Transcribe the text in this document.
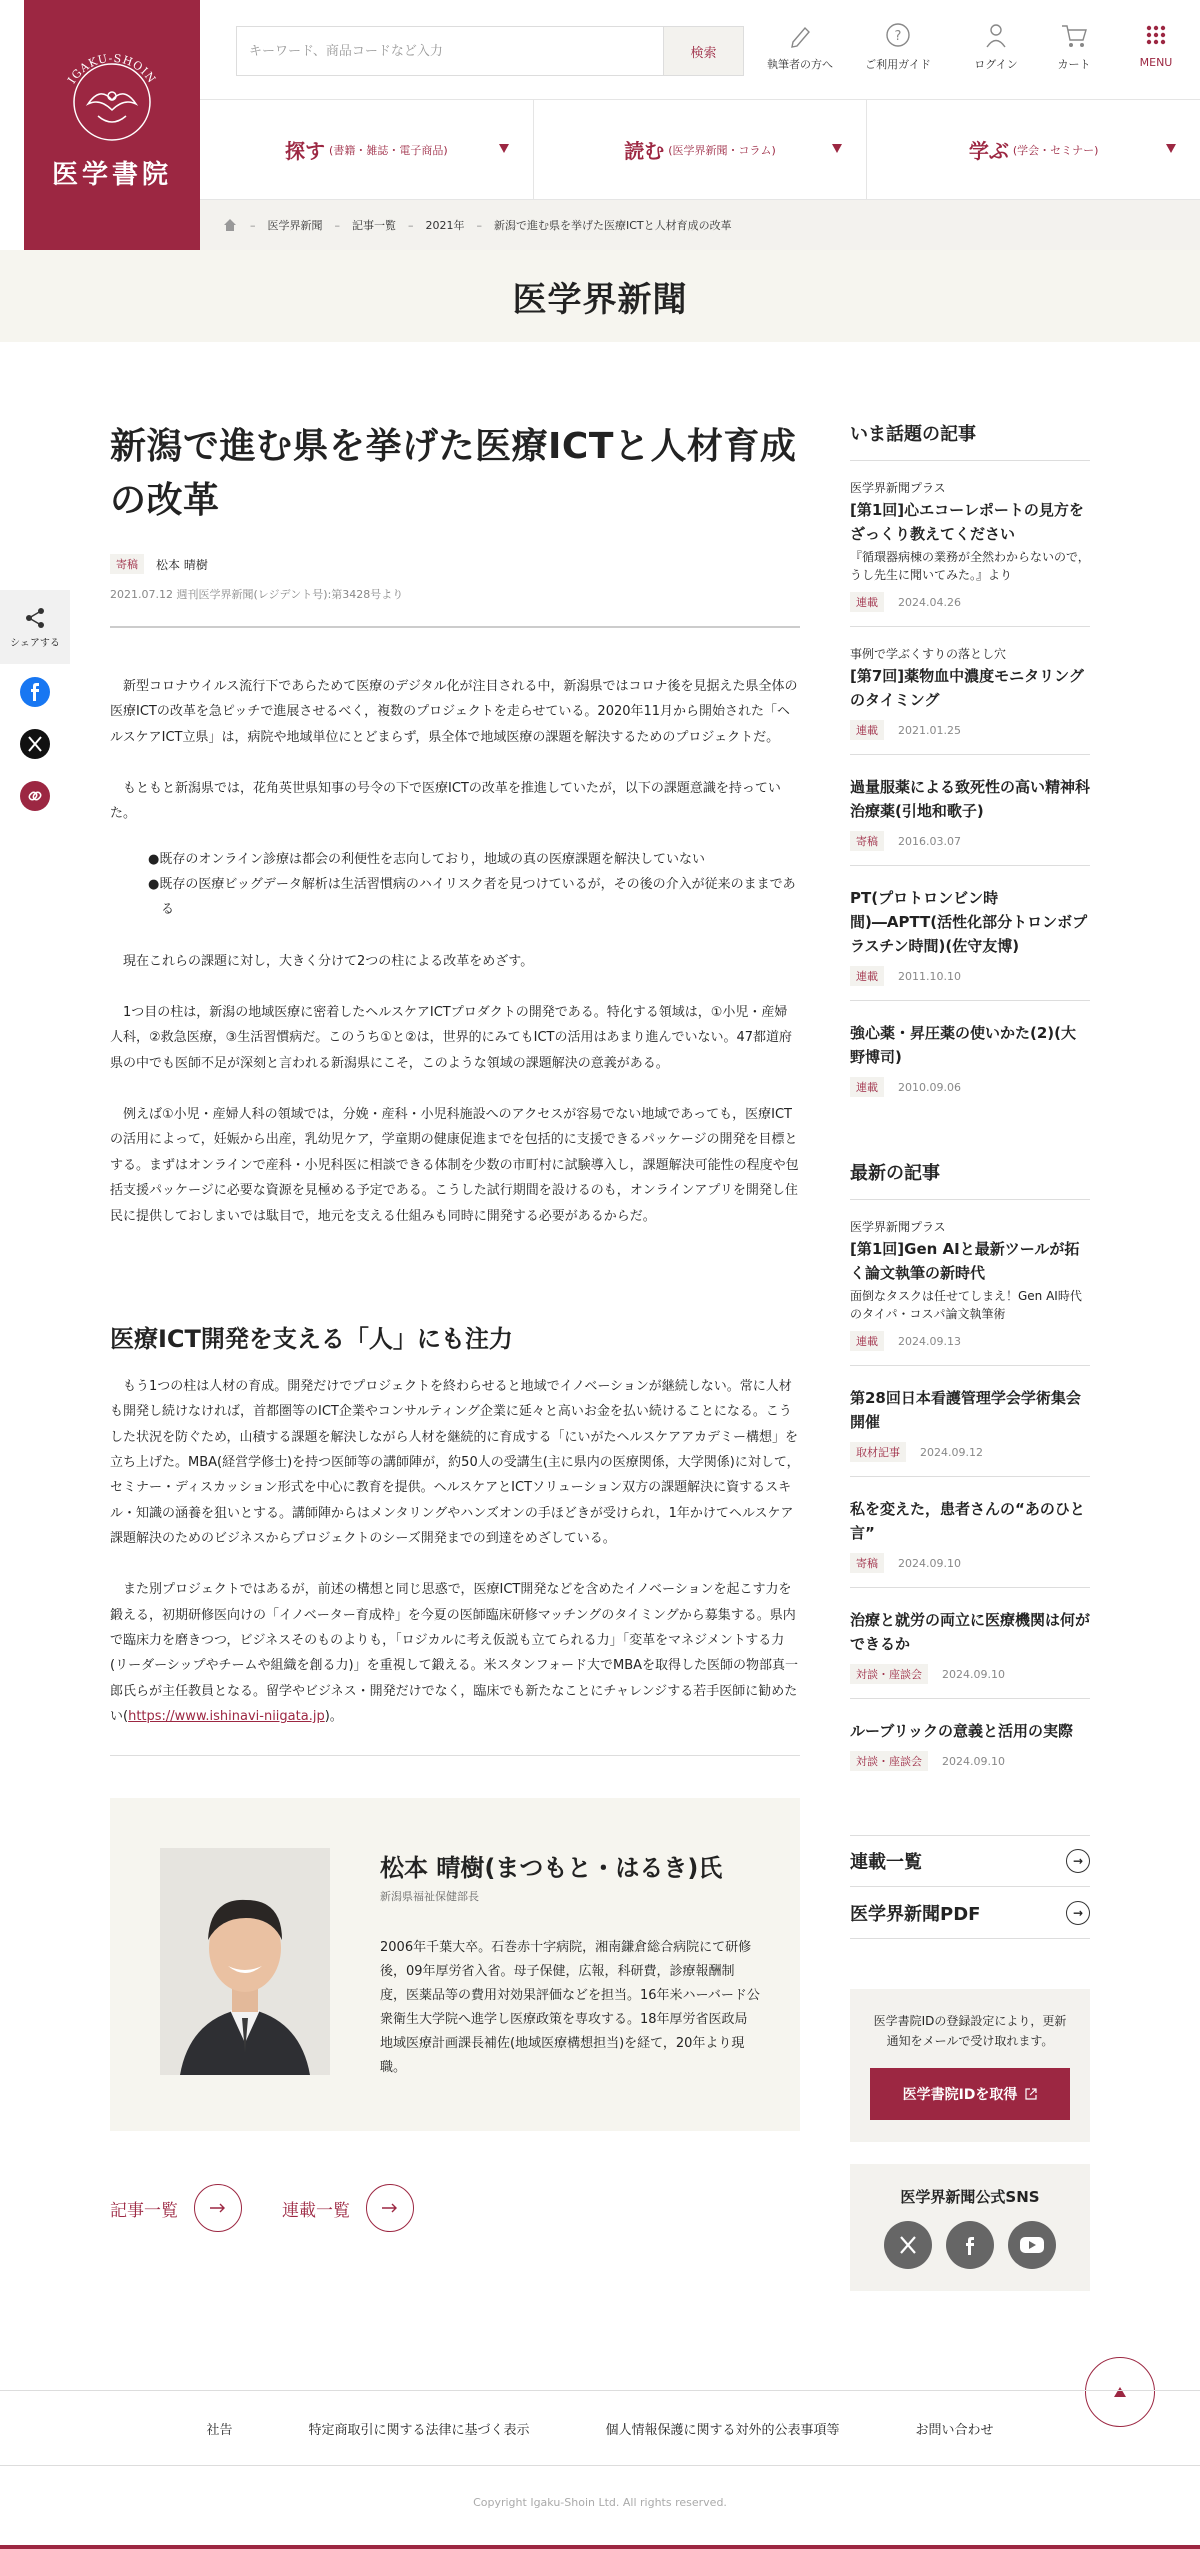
IGAKU-SHOIN
医学書院
キーワード、商品コードなど入力
検索
執筆者の方へ
?
ご利用ガイド	ログイン	カート	MENU
探す (書籍・雑誌・電子商品)	読む (医学界新聞・コラム)	学ぶ (学会・セミナー)
– 医学界新聞 – 記事一覧 – 2021年 – 新潟で進む県を挙げた医療ICTと人材育成の改革
医学界新聞
シェアする
新潟で進む県を挙げた医療ICTと人材育成の改革
寄稿	松本 晴樹
2021.07.12 週刊医学界新聞(レジデント号):第3428号より

新型コロナウイルス流行下であらためて医療のデジタル化が注目される中，新潟県ではコロナ後を見据えた県全体の医療ICTの改革を急ピッチで進展させるべく，複数のプロジェクトを走らせている。2020年11月から開始された「ヘルスケアICT立県」は，病院や地域単位にとどまらず，県全体で地域医療の課題を解決するためのプロジェクトだ。

もともと新潟県では，花角英世県知事の号令の下で医療ICTの改革を推進していたが，以下の課題意識を持っていた。

● 既存のオンライン診療は都会の利便性を志向しており，地域の真の医療課題を解決していない
● 既存の医療ビッグデータ解析は生活習慣病のハイリスク者を見つけているが，その後の介入が従来のままである

現在これらの課題に対し，大きく分けて2つの柱による改革をめざす。

1つ目の柱は，新潟の地域医療に密着したヘルスケアICTプロダクトの開発である。特化する領域は，①小児・産婦人科，②救急医療，③生活習慣病だ。このうち①と②は，世界的にみてもICTの活用はあまり進んでいない。47都道府県の中でも医師不足が深刻と言われる新潟県にこそ，このような領域の課題解決の意義がある。

例えば①小児・産婦人科の領域では，分娩・産科・小児科施設へのアクセスが容易でない地域であっても，医療ICTの活用によって，妊娠から出産，乳幼児ケア，学童期の健康促進までを包括的に支援できるパッケージの開発を目標とする。まずはオンラインで産科・小児科医に相談できる体制を少数の市町村に試験導入し，課題解決可能性の程度や包括支援パッケージに必要な資源を見極める予定である。こうした試行期間を設けるのも，オンラインアプリを開発し住民に提供しておしまいでは駄目で，地元を支える仕組みも同時に開発する必要があるからだ。

医療ICT開発を支える「人」にも注力

もう1つの柱は人材の育成。開発だけでプロジェクトを終わらせると地域でイノベーションが継続しない。常に人材も開発し続けなければ，首都圏等のICT企業やコンサルティング企業に延々と高いお金を払い続けることになる。こうした状況を防ぐため，山積する課題を解決しながら人材を継続的に育成する「にいがたヘルスケアアカデミー構想」を立ち上げた。MBA(経営学修士)を持つ医師等の講師陣が，約50人の受講生(主に県内の医療関係，大学関係)に対して，セミナー・ディスカッション形式を中心に教育を提供。ヘルスケアとICTソリューション双方の課題解決に資するスキル・知識の涵養を狙いとする。講師陣からはメンタリングやハンズオンの手ほどきが受けられ，1年かけてヘルスケア課題解決のためのビジネスからプロジェクトのシーズ開発までの到達をめざしている。

また別プロジェクトではあるが，前述の構想と同じ思惑で，医療ICT開発などを含めたイノベーションを起こす力を鍛える，初期研修医向けの「イノベーター育成枠」を今夏の医師臨床研修マッチングのタイミングから募集する。県内で臨床力を磨きつつ，ビジネスそのものよりも，「ロジカルに考え仮説も立てられる力」「変革をマネジメントする力(リーダーシップやチームや組織を創る力)」を重視して鍛える。米スタンフォード大でMBAを取得した医師の物部真一郎氏らが主任教員となる。留学やビジネス・開発だけでなく，臨床でも新たなことにチャレンジする若手医師に勧めたい(https://www.ishinavi-niigata.jp)。

松本 晴樹(まつもと・はるき)氏
新潟県福祉保健部長
2006年千葉大卒。石巻赤十字病院，湘南鎌倉総合病院にて研修後，09年厚労省入省。母子保健，広報，科研費，診療報酬制度，医薬品等の費用対効果評価などを担当。16年米ハーバード公衆衛生大学院へ進学し医療政策を専攻する。18年厚労省医政局地域医療計画課長補佐(地域医療構想担当)を経て，20年より現職。
記事一覧	連載一覧
いま話題の記事
医学界新聞プラス
[第1回]心エコーレポートの見方をざっくり教えてください
『循環器病棟の業務が全然わからないので，うし先生に聞いてみた。』より
連載	2024.04.26
事例で学ぶくすりの落とし穴
[第7回]薬物血中濃度モニタリングのタイミング
連載	2021.01.25
過量服薬による致死性の高い精神科治療薬(引地和歌子)
寄稿	2016.03.07
PT(プロトロンビン時間)―APTT(活性化部分トロンボプラスチン時間)(佐守友博)
連載	2011.10.10
強心薬・昇圧薬の使いかた(2)(大野博司)
連載	2010.09.06
最新の記事
医学界新聞プラス
[第1回]Gen AIと最新ツールが拓く論文執筆の新時代
面倒なタスクは任せてしまえ！Gen AI時代のタイパ・コスパ論文執筆術
連載	2024.09.13
第28回日本看護管理学会学術集会開催
取材記事	2024.09.12
私を変えた，患者さんの“あのひと言”
寄稿	2024.09.10
治療と就労の両立に医療機関は何ができるか
対談・座談会	2024.09.10
ルーブリックの意義と活用の実際
対談・座談会	2024.09.10
連載一覧	→
医学界新聞PDF	→

医学書院IDの登録設定により，更新通知をメールで受け取れます。

医学書院IDを取得
医学界新聞公式SNS
社告	特定商取引に関する法律に基づく表示	個人情報保護に関する対外的公表事項等	お問い合わせ
Copyright Igaku-Shoin Ltd. All rights reserved.
